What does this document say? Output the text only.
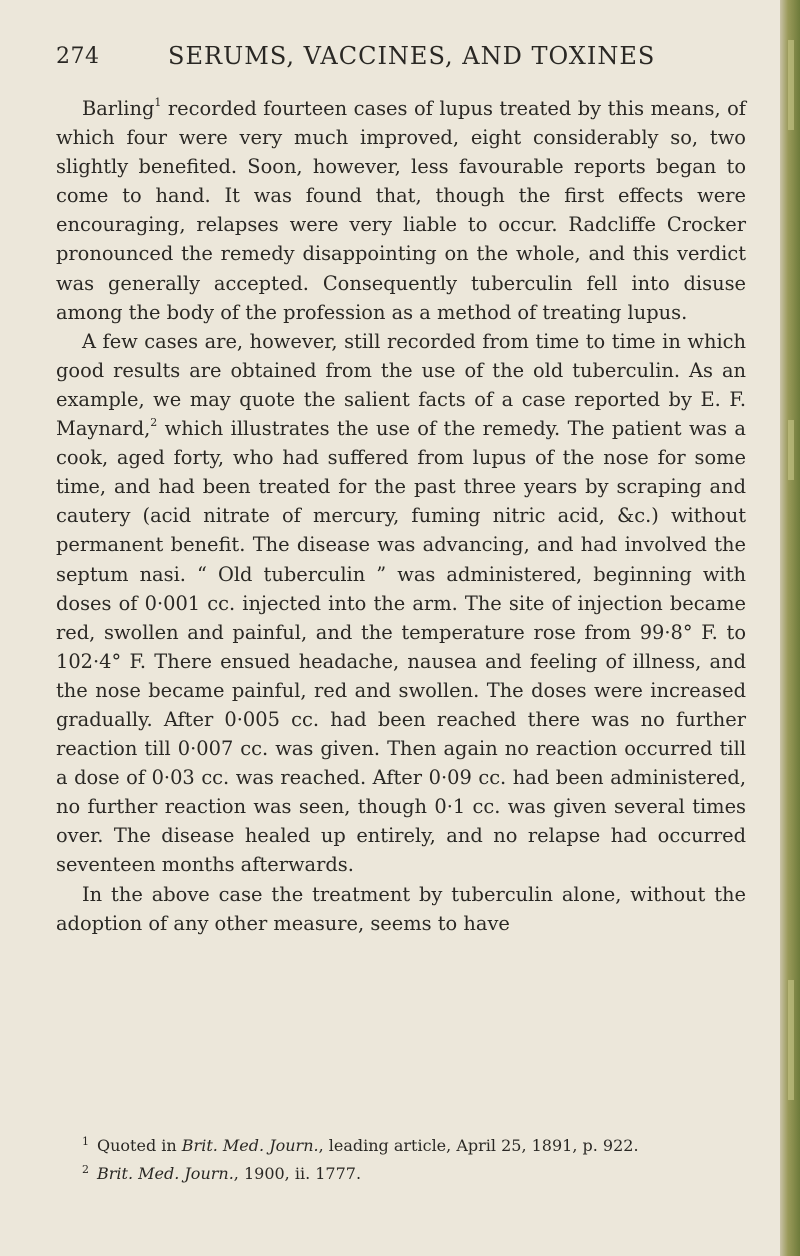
274	SERUMS, VACCINES, AND TOXINES

Barling$^1$ recorded fourteen cases of lupus treated by this means, of which four were very much improved, eight considerably so, two slightly benefited. Soon, however, less favourable reports began to come to hand. It was found that, though the first effects were encouraging, relapses were very liable to occur. Radcliffe Crocker pronounced the remedy disappointing on the whole, and this verdict was generally accepted. Consequently tuberculin fell into disuse among the body of the profession as a method of treating lupus.

A few cases are, however, still recorded from time to time in which good results are obtained from the use of the old tuberculin. As an example, we may quote the salient facts of a case reported by E. F. Maynard,$^2$ which illustrates the use of the remedy. The patient was a cook, aged forty, who had suffered from lupus of the nose for some time, and had been treated for the past three years by scraping and cautery (acid nitrate of mercury, fuming nitric acid, &c.) without permanent benefit. The disease was advancing, and had involved the septum nasi. “ Old tuberculin ” was administered, beginning with doses of 0·001 cc. injected into the arm. The site of injection became red, swollen and painful, and the temperature rose from 99·8° F. to 102·4° F. There ensued headache, nausea and feeling of illness, and the nose became painful, red and swollen. The doses were increased gradually. After 0·005 cc. had been reached there was no further reaction till 0·007 cc. was given. Then again no reaction occurred till a dose of 0·03 cc. was reached. After 0·09 cc. had been administered, no further reaction was seen, though 0·1 cc. was given several times over. The disease healed up entirely, and no relapse had occurred seventeen months afterwards.

In the above case the treatment by tuberculin alone, without the adoption of any other measure, seems to have

$^1$ Quoted in Brit. Med. Journ., leading article, April 25, 1891, p. 922.

$^2$ Brit. Med. Journ., 1900, ii. 1777.
